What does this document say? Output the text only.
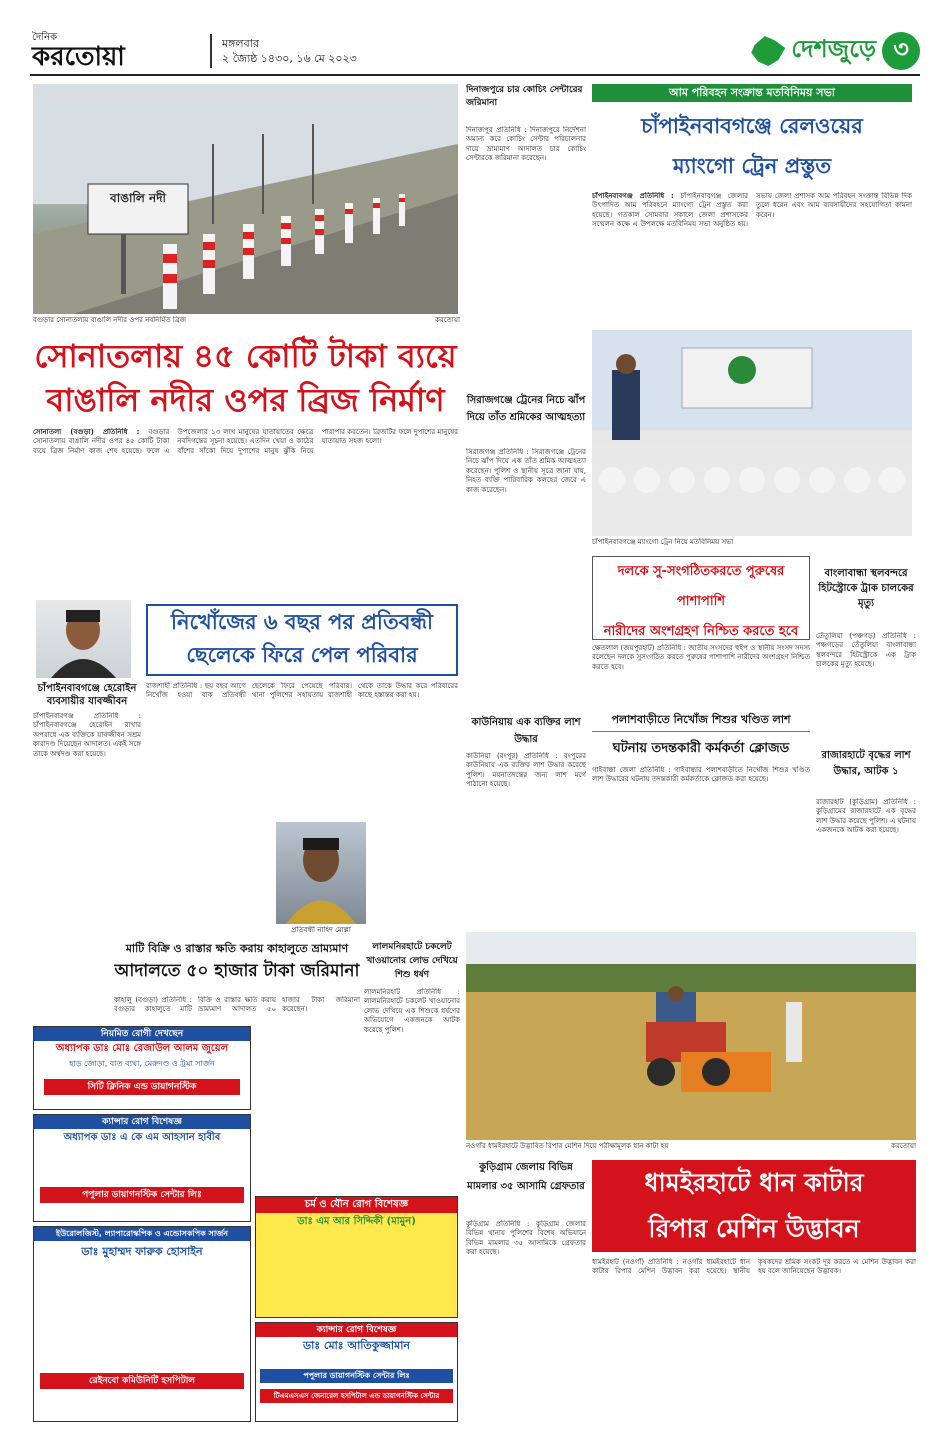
দৈনিক
করতোয়া	মঙ্গলবার
২ জ্যৈষ্ঠ ১৪৩০, ১৬ মে ২০২৩	দেশজুড়ে ৩
বাঙালি নদী
বগুড়ার সোনাতলায় বাঙালি নদীর ওপর নবনির্মিত ব্রিজ	করতোয়া
সোনাতলায় ৪৫ কোটি টাকা ব্যয়ে
বাঙালি নদীর ওপর ব্রিজ নির্মাণ
সোনাতলা (বগুড়া) প্রতিনিধি : বগুড়ার সোনাতলায় বাঙালি নদীর ওপর ৪৫ কোটি টাকা ব্যয়ে ব্রিজ নির্মাণ কাজ শেষ হয়েছে। ফলে এ উপজেলার ১৩ লাখ মানুষের যাতায়াতের ক্ষেত্রে নবদিগন্তের সূচনা হয়েছে। এতদিন খেয়া ও কাঠের বাঁশের সাঁকো দিয়ে দুপাশের মানুষ ঝুঁকি নিয়ে পারাপার করতেন। ব্রিজটির ফলে দুপাশের মানুষের যাতায়াত সহজ হলো।
চাঁপাইনবাবগঞ্জে হেরোইন ব্যবসায়ীর যাবজ্জীবন
চাঁপাইনবাবগঞ্জ প্রতিনিধি : চাঁপাইনবাবগঞ্জে হেরোইন রাখার অপরাধে এক ব্যক্তিকে যাবজ্জীবন সশ্রম কারাদণ্ড দিয়েছেন আদালত। একই সঙ্গে তাকে অর্থদণ্ড করা হয়েছে।
নিখোঁজের ৬ বছর পর প্রতিবন্ধী
ছেলেকে ফিরে পেল পরিবার
রাজশাহী প্রতিনিধি : ছয় বছর আগে নিখোঁজ হওয়া বাক প্রতিবন্ধী ছেলেকে ফিরে পেয়েছে পরিবার। থানা পুলিশের সহায়তায় রাজশাহী থেকে তাকে উদ্ধার করে পরিবারের কাছে হস্তান্তর করা হয়।
প্রতিবন্ধী নাহিদ মোল্লা
মাটি বিক্রি ও রাস্তার ক্ষতি করায় কাহালুতে ভ্রাম্যমাণ
আদালতে ৫০ হাজার টাকা জরিমানা
কাহালু (বগুড়া) প্রতিনিধি : বগুড়ার কাহালুতে মাটি বিক্রি ও রাস্তার ক্ষতি করায় ভ্রাম্যমাণ আদালত ৫০ হাজার টাকা জরিমানা করেছেন।
লালমনিরহাটে চকলেট খাওয়ানোর লোভ দেখিয়ে শিশু ধর্ষণ
লালমনিরহাট প্রতিনিধি : লালমনিরহাটে চকলেট খাওয়ানোর লোভ দেখিয়ে এক শিশুকে ধর্ষণের অভিযোগে একজনকে আটক করেছে পুলিশ।
নিয়মিত রোগী দেখছেন
অধ্যাপক ডাঃ মোঃ রেজাউল আলম জুয়েল
হাড় জোড়া, বাত ব্যথা, মেরুদণ্ড ও ট্রমা সার্জন
সিটি ক্লিনিক এন্ড ডায়াগনস্টিক
ক্যান্সার রোগ বিশেষজ্ঞ
অধ্যাপক ডাঃ এ কে এম আহসান হাবীব
পপুলার ডায়াগনস্টিক সেন্টার লিঃ
ইউরোলজিস্ট, ল্যাপারোস্কপিক ও এন্ডোসকপিক সার্জন
ডাঃ মুহাম্মদ ফারুক হোসাইন
রেইনবো কমিউনিটি হসপিটাল
চর্ম ও যৌন রোগ বিশেষজ্ঞ
ডাঃ এম আর সিদ্দিকী (মামুন)
ক্যান্সার রোগ বিশেষজ্ঞ
ডাঃ মোঃ আতিকুজ্জামান
পপুলার ডায়াগনস্টিক সেন্টার লিঃ
টিএমএসএস জেনারেল হসপিটাল এন্ড ডায়াগনস্টিক সেন্টার
দিনাজপুরে চার কোচিং সেন্টারের জরিমানা
দিনাজপুর প্রতিনিধি : দিনাজপুরে নির্দেশনা অমান্য করে কোচিং সেন্টার পরিচালনার দায়ে ভ্রাম্যমাণ আদালত চার কোচিং সেন্টারকে জরিমানা করেছেন।
সিরাজগঞ্জে ট্রেনের নিচে ঝাঁপ দিয়ে তাঁত শ্রমিকের আত্মহত্যা
সিরাজগঞ্জ প্রতিনিধি : সিরাজগঞ্জে ট্রেনের নিচে ঝাঁপ দিয়ে এক তাঁত শ্রমিক আত্মহত্যা করেছেন। পুলিশ ও স্থানীয় সূত্রে জানা যায়, নিহত ব্যক্তি পারিবারিক কলহের জেরে এ কাজ করেছেন।
আম পরিবহন সংক্রান্ত মতবিনিময় সভা
চাঁপাইনবাবগঞ্জে রেলওয়ের
ম্যাংগো ট্রেন প্রস্তুত
চাঁপাইনবাবগঞ্জ প্রতিনিধি : চাঁপাইনবাবগঞ্জ জেলার উৎপাদিত আম পরিবহনে ম্যাংগো ট্রেন প্রস্তুত করা হয়েছে। গতকাল সোমবার সকালে জেলা প্রশাসকের সম্মেলন কক্ষে এ উপলক্ষে মতবিনিময় সভা অনুষ্ঠিত হয়। সভায় জেলা প্রশাসক আম পরিবহন সংক্রান্ত বিভিন্ন দিক তুলে ধরেন এবং আম ব্যবসায়ীদের সহযোগিতা কামনা করেন।
চাঁপাইনবাবগঞ্জে ম্যাংগো ট্রেন নিয়ে মতবিনিময় সভা
দলকে সু-সংগঠিতকরতে পুরুষের পাশাপাশি
নারীদের অংশগ্রহণ নিশ্চিত করতে হবে
ক্ষেতলাল (জয়পুরহাট) প্রতিনিধি : জাতীয় সংসদের হুইপ ও স্থানীয় সংসদ সদস্য বলেছেন দলকে সুসংগঠিত করতে পুরুষের পাশাপাশি নারীদের অংশগ্রহণ নিশ্চিত করতে হবে।
কাউনিয়ায় এক ব্যক্তির লাশ উদ্ধার
কাউনিয়া (রংপুর) প্রতিনিধি : রংপুরের কাউনিয়ায় এক ব্যক্তির লাশ উদ্ধার করেছে পুলিশ। ময়নাতদন্তের জন্য লাশ মর্গে পাঠানো হয়েছে।
বাংলাবান্ধা স্থলবন্দরে হিটস্ট্রোকে ট্রাক চালকের মৃত্যু
তেঁতুলিয়া (পঞ্চগড়) প্রতিনিধি : পঞ্চগড়ের তেঁতুলিয়া বাংলাবান্ধা স্থলবন্দরে হিটস্ট্রোকে এক ট্রাক চালকের মৃত্যু হয়েছে।
রাজারহাটে বৃদ্ধের লাশ উদ্ধার, আটক ১
রাজারহাট (কুড়িগ্রাম) প্রতিনিধি : কুড়িগ্রামের রাজারহাটে এক বৃদ্ধের লাশ উদ্ধার করেছে পুলিশ। এ ঘটনায় একজনকে আটক করা হয়েছে।
পলাশবাড়ীতে নিখোঁজ শিশুর খণ্ডিত লাশ
ঘটনায় তদন্তকারী কর্মকর্তা ক্লোজড
গাইবান্ধা জেলা প্রতিনিধি : গাইবান্ধার পলাশবাড়ীতে নিখোঁজ শিশুর খণ্ডিত লাশ উদ্ধারের ঘটনায় তদন্তকারী কর্মকর্তাকে ক্লোজড করা হয়েছে।
নওগাঁর ধামইরহাটে উদ্ভাবিত রিপার মেশিন দিয়ে পরীক্ষামূলক ধান কাটা হয়	করতোয়া
কুড়িগ্রাম জেলায় বিভিন্ন মামলার ৩৫ আসামি গ্রেফতার
কুড়িগ্রাম প্রতিনিধি : কুড়িগ্রাম জেলার বিভিন্ন থানায় পুলিশের বিশেষ অভিযানে বিভিন্ন মামলার ৩৫ আসামিকে গ্রেফতার করা হয়েছে।
ধামইরহাটে ধান কাটার
রিপার মেশিন উদ্ভাবন
ধামইরহাট (নওগাঁ) প্রতিনিধি : নওগাঁর ধামইরহাটে ধান কাটার রিপার মেশিন উদ্ভাবন করা হয়েছে। স্থানীয় কৃষকদের শ্রমিক সংকট দূর করতে এ মেশিন উদ্ভাবন করা হয় বলে জানিয়েছেন উদ্ভাবক।
